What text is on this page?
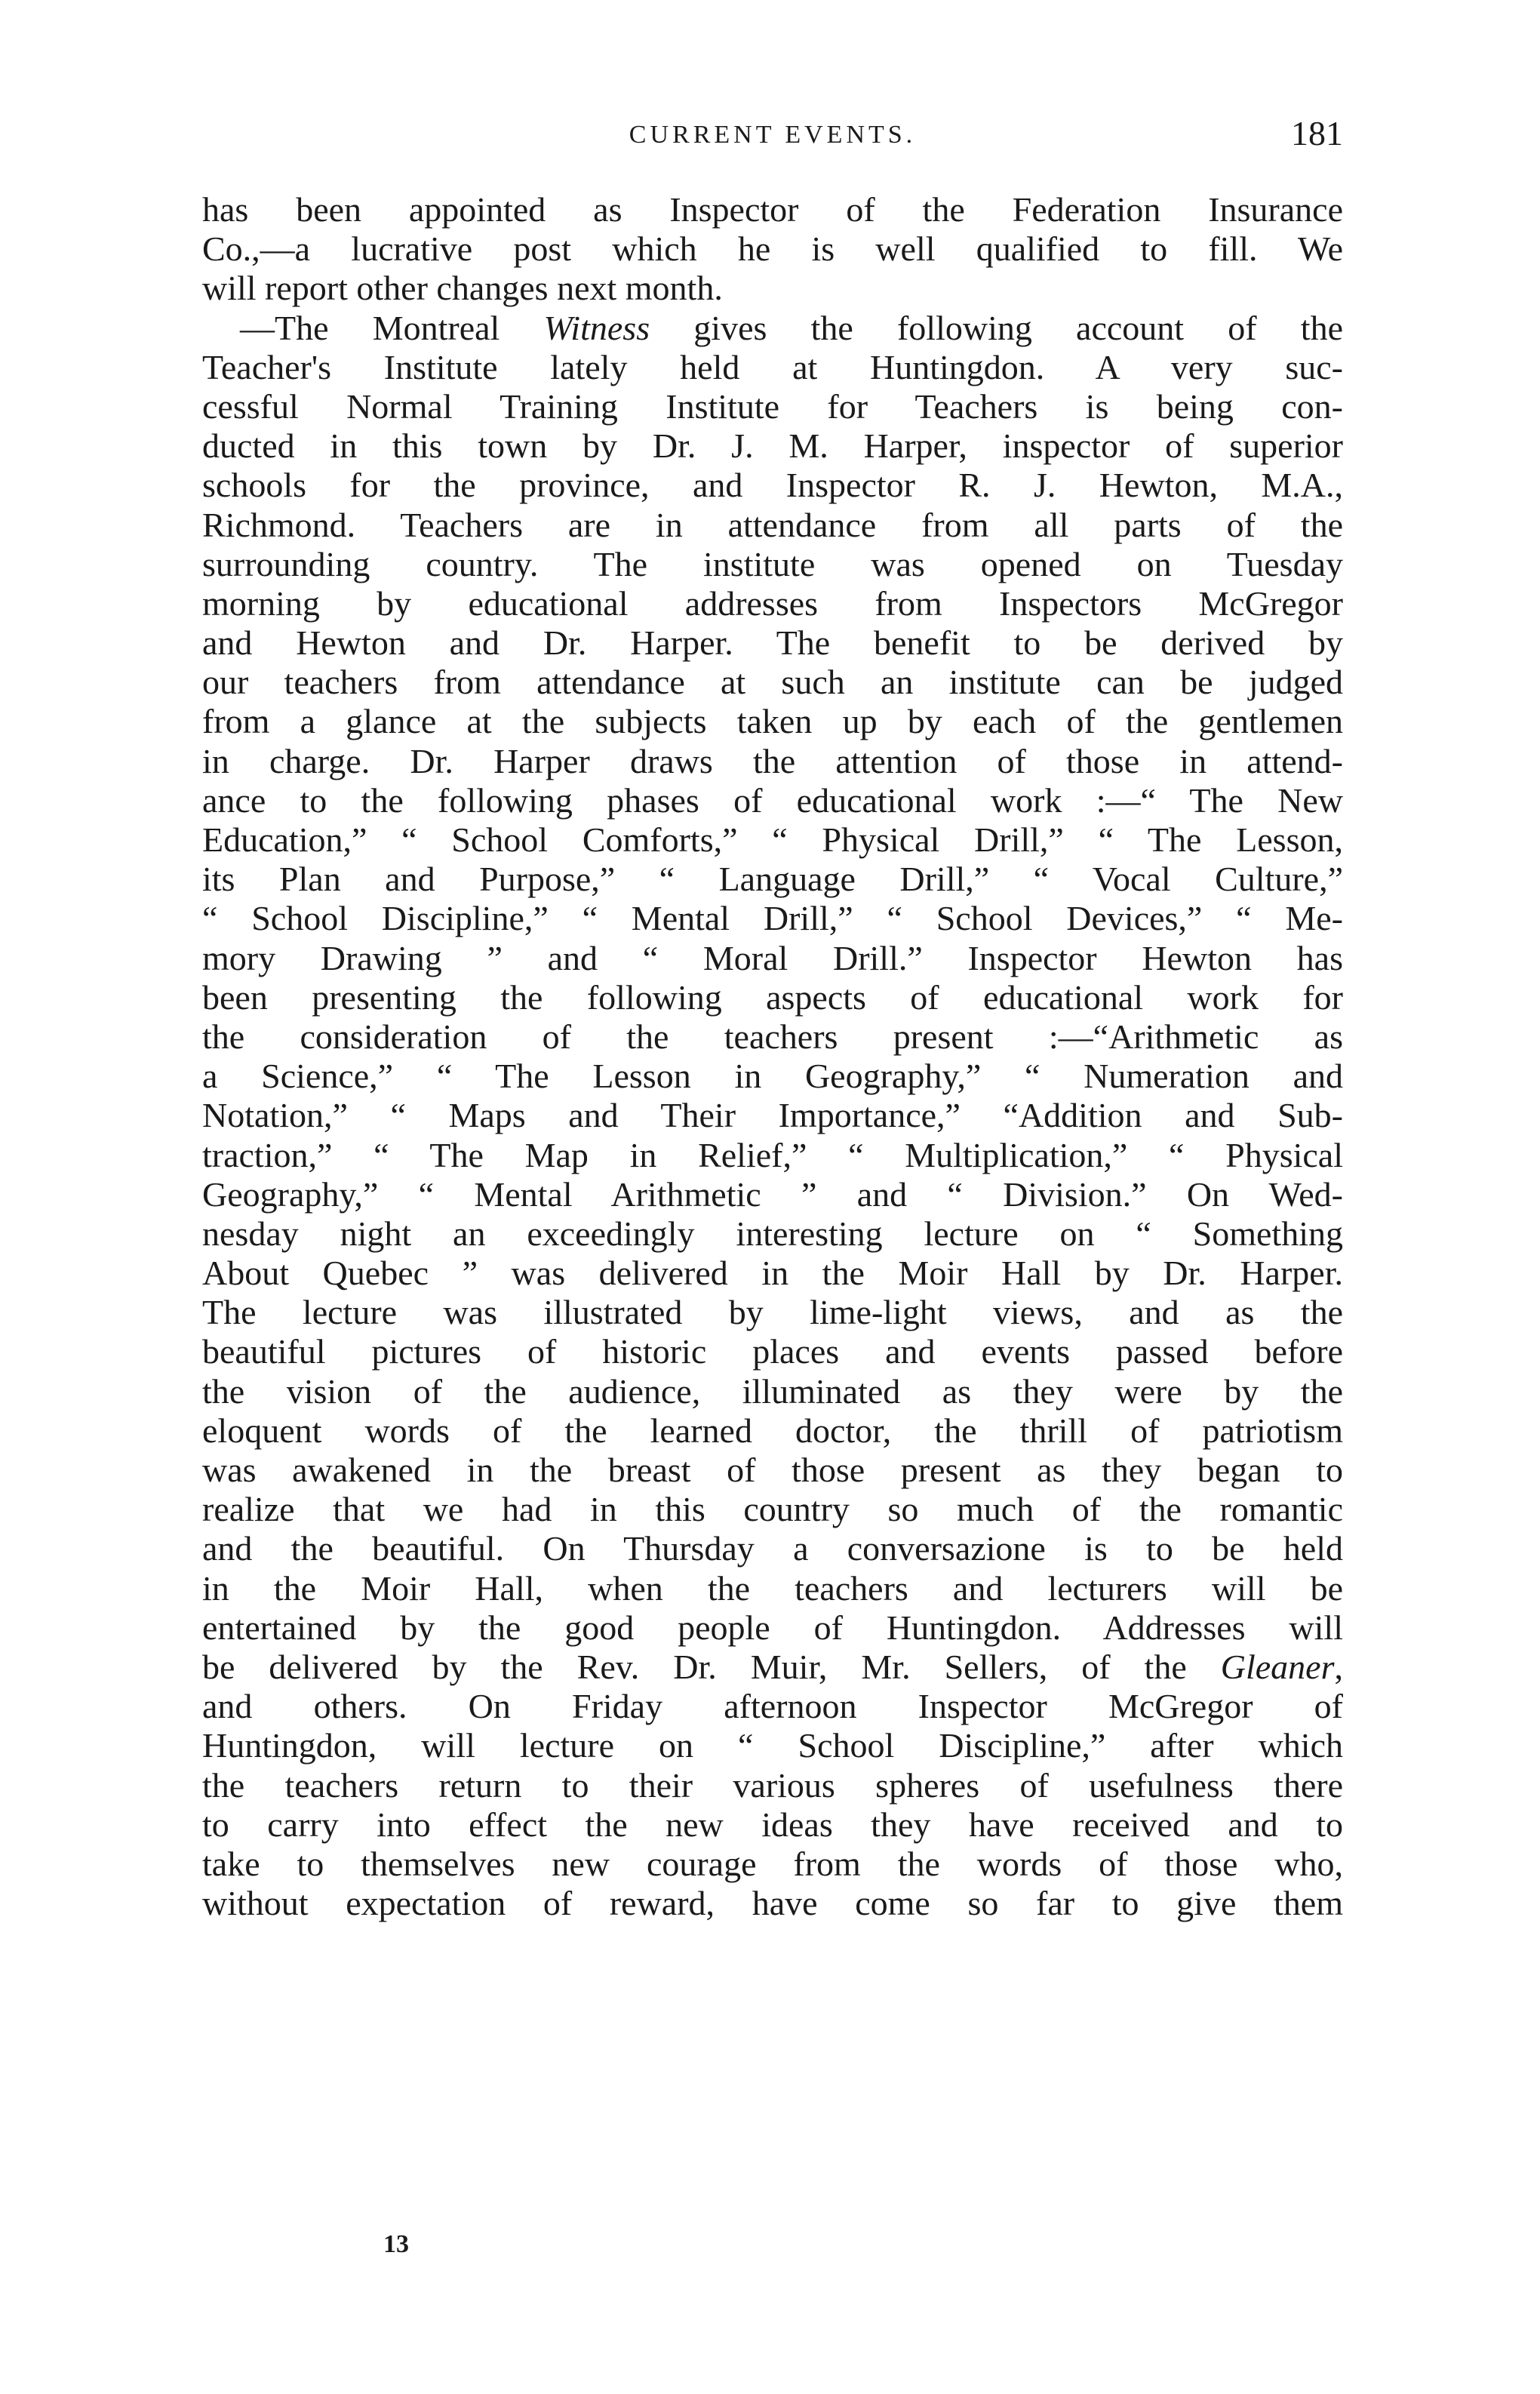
CURRENT EVENTS.	181
has been appointed as Inspector of the Federation Insurance
Co.,—a lucrative post which he is well qualified to fill. We
will report other changes next month.
—The Montreal Witness gives the following account of the
Teacher's Institute lately held at Huntingdon. A very suc-
cessful Normal Training Institute for Teachers is being con-
ducted in this town by Dr. J. M. Harper, inspector of superior
schools for the province, and Inspector R. J. Hewton, M.A.,
Richmond. Teachers are in attendance from all parts of the
surrounding country. The institute was opened on Tuesday
morning by educational addresses from Inspectors McGregor
and Hewton and Dr. Harper. The benefit to be derived by
our teachers from attendance at such an institute can be judged
from a glance at the subjects taken up by each of the gentlemen
in charge. Dr. Harper draws the attention of those in attend-
ance to the following phases of educational work :—“ The New
Education,” “ School Comforts,” “ Physical Drill,” “ The Lesson,
its Plan and Purpose,” “ Language Drill,” “ Vocal Culture,”
“ School Discipline,” “ Mental Drill,” “ School Devices,” “ Me-
mory Drawing ” and “ Moral Drill.” Inspector Hewton has
been presenting the following aspects of educational work for
the consideration of the teachers present :—“Arithmetic as
a Science,” “ The Lesson in Geography,” “ Numeration and
Notation,” “ Maps and Their Importance,” “Addition and Sub-
traction,” “ The Map in Relief,” “ Multiplication,” “ Physical
Geography,” “ Mental Arithmetic ” and “ Division.” On Wed-
nesday night an exceedingly interesting lecture on “ Something
About Quebec ” was delivered in the Moir Hall by Dr. Harper.
The lecture was illustrated by lime-light views, and as the
beautiful pictures of historic places and events passed before
the vision of the audience, illuminated as they were by the
eloquent words of the learned doctor, the thrill of patriotism
was awakened in the breast of those present as they began to
realize that we had in this country so much of the romantic
and the beautiful. On Thursday a conversazione is to be held
in the Moir Hall, when the teachers and lecturers will be
entertained by the good people of Huntingdon. Addresses will
be delivered by the Rev. Dr. Muir, Mr. Sellers, of the Gleaner,
and others. On Friday afternoon Inspector McGregor of
Huntingdon, will lecture on “ School Discipline,” after which
the teachers return to their various spheres of usefulness there
to carry into effect the new ideas they have received and to
take to themselves new courage from the words of those who,
without expectation of reward, have come so far to give them
13
